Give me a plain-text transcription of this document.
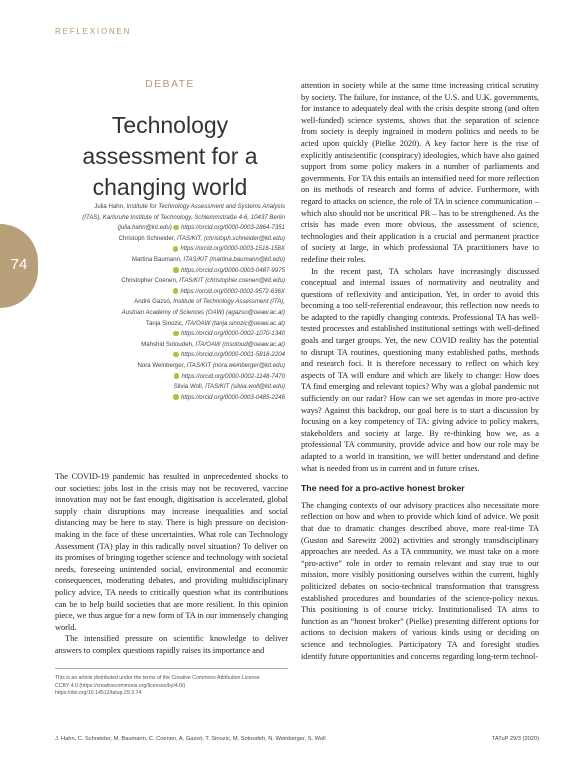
REFLEXIONEN
74
DEBATE
Technology
assessment for a
changing world
Julia Hahn, Institute for Technology Assessment and Systems Analysis
(ITAS), Karlsruhe Institute of Technology, Schlemmstraße 4-6, 10437 Berlin
(julia.hahn@kit.edu) https://orcid.org/0000-0003-2864-7351
Christoph Schneider, ITAS/KIT, (christoph.schneider@kit.edu)
https://orcid.org/0000-0003-1516-158X
Martina Baumann, ITAS/KIT (martina.baumann@kit.edu)
https://orcid.org/0000-0003-0487-9975
Christopher Coenen, ITAS/KIT (christopher.coenen@kit.edu)
https://orcid.org/0000-0002-9572-636X
André Gazsó, Institute of Technology Assessment (ITA),
Austrian Academy of Sciences (OAW) (agazso@oeaw.ac.at)
Tanja Sinozic, ITA/OAW (tanja.sinozic@oeaw.ac.at)
https://orcid.org/0000-0002-1070-1340
Mahshid Sotoudeh, ITA/OAW (msotoud@oeaw.ac.at)
https://orcid.org/0000-0001-5818-2204
Nora Weinberger, ITAS/KIT (nora.weinberger@kit.edu)
https://orcid.org/0000-0002-1148-7470
Silvia Woll, ITAS/KIT (silvia.woll@kit.edu)
https://orcid.org/0000-0003-0485-2246

The COVID-19 pandemic has resulted in unprecedented shocks to our societies: jobs lost in the crisis may not be recovered, vaccine innovation may not be fast enough, digitisation is accelerated, global supply chain disruptions may increase inequalities and social distancing may be here to stay. There is high pressure on decision-making in the face of these uncertainties. What role can Technology Assessment (TA) play in this radically novel situation? To deliver on its promises of bringing together science and technology with societal needs, foreseeing unintended social, environmental and economic consequences, moderating debates, and providing multidisciplinary policy advice, TA needs to critically question what its contributions can be to help build societies that are more resilient. In this opinion piece, we thus argue for a new form of TA in our immensely changing world.

The intensified pressure on scientific knowledge to deliver answers to complex questions rapidly raises its importance and

attention in society while at the same time increasing critical scrutiny by society. The failure, for instance, of the U.S. and U.K. governments, for instance to adequately deal with the crisis despite strong (and often well-funded) science systems, shows that the separation of science from society is deeply ingrained in modern politics and needs to be acted upon quickly (Pielke 2020). A key factor here is the rise of explicitly antiscientific (conspiracy) ideologies, which have also gained support from some policy makers in a number of parliaments and governments. For TA this entails an intensified need for more reflection on its methods of research and forms of advice. Furthermore, with regard to attacks on science, the role of TA in science communication – which also should not be uncritical PR – has to be strengthened. As the crisis has made even more obvious, the assessment of science, technologies and their application is a crucial and permanent practice of society at large, in which professional TA practitioners have to redefine their roles.

In the recent past, TA scholars have increasingly discussed conceptual and internal issues of normativity and neutrality and questions of reflexivity and anticipation. Yet, in order to avoid this becoming a too self-referential endeavour, this reflection now needs to be adapted to the rapidly changing contexts. Professional TA has well-tested processes and established institutional settings with well-defined goals and target groups. Yet, the new COVID reality has the potential to disrupt TA routines, questioning many established paths, methods and research foci. It is therefore necessary to reflect on which key aspects of TA will endure and which are likely to change: How does TA find emerging and relevant topics? Why was a global pandemic not sufficiently on our radar? How can we set agendas in more pro-active ways? Against this backdrop, our goal here is to start a discussion by focusing on a key competency of TA: giving advice to policy makers, stakeholders and society at large. By re-thinking how we, as a professional TA community, provide advice and how our role may be adapted to a world in transition, we will better understand and define what is needed from us in current and in future crises.

The need for a pro-active honest broker

The changing contexts of our advisory practices also necessitate more reflection on how and when to provide which kind of advice. We posit that due to dramatic changes described above, more real-time TA (Guston and Sarewitz 2002) activities and strongly transdisciplinary approaches are needed. As a TA community, we must take on a more “pro-active” role in order to remain relevant and stay true to our mission, more visibly positioning ourselves within the current, highly politicized debates on socio-technical transformation that transgress established procedures and boundaries of the science-policy nexus. This positioning is of course tricky. Institutionalised TA aims to function as an “honest broker” (Pielke) presenting different options for actions to decision makers of various kinds using or deciding on science and technologies. Participatory TA and foresight studies identify future opportunities and concerns regarding long-term technol-

This is an article distributed under the terms of the Creative Commons Attribution License
CCBY 4.0 (https://creativecommons.org/licenses/by/4.0/)
https://doi.org/10.14512/tatup.29.3.74
J. Hahn, C. Schneider, M. Baumann, C. Coenen, A. Gazsó, T. Sinozic, M. Sotoudeh, N. Weinberger, S. Woll	TATuP 29/3 (2020)
